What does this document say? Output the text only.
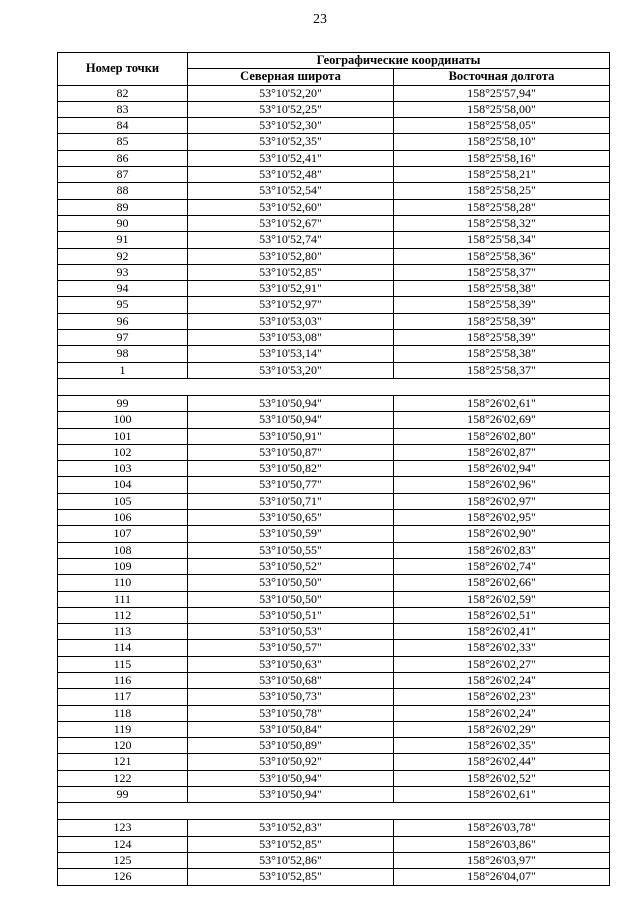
23
Номер точки	Географические координаты	
	Северная широта	Восточная долгота
82	53°10'52,20"	158°25'57,94"
83	53°10'52,25"	158°25'58,00"
84	53°10'52,30"	158°25'58,05"
85	53°10'52,35"	158°25'58,10"
86	53°10'52,41"	158°25'58,16"
87	53°10'52,48"	158°25'58,21"
88	53°10'52,54"	158°25'58,25"
89	53°10'52,60"	158°25'58,28"
90	53°10'52,67"	158°25'58,32"
91	53°10'52,74"	158°25'58,34"
92	53°10'52,80"	158°25'58,36"
93	53°10'52,85"	158°25'58,37"
94	53°10'52,91"	158°25'58,38"
95	53°10'52,97"	158°25'58,39"
96	53°10'53,03"	158°25'58,39"
97	53°10'53,08"	158°25'58,39"
98	53°10'53,14"	158°25'58,38"
1	53°10'53,20"	158°25'58,37"

99	53°10'50,94"	158°26'02,61"
100	53°10'50,94"	158°26'02,69"
101	53°10'50,91"	158°26'02,80"
102	53°10'50,87"	158°26'02,87"
103	53°10'50,82"	158°26'02,94"
104	53°10'50,77"	158°26'02,96"
105	53°10'50,71"	158°26'02,97"
106	53°10'50,65"	158°26'02,95"
107	53°10'50,59"	158°26'02,90"
108	53°10'50,55"	158°26'02,83"
109	53°10'50,52"	158°26'02,74"
110	53°10'50,50"	158°26'02,66"
111	53°10'50,50"	158°26'02,59"
112	53°10'50,51"	158°26'02,51"
113	53°10'50,53"	158°26'02,41"
114	53°10'50,57"	158°26'02,33"
115	53°10'50,63"	158°26'02,27"
116	53°10'50,68"	158°26'02,24"
117	53°10'50,73"	158°26'02,23"
118	53°10'50,78"	158°26'02,24"
119	53°10'50,84"	158°26'02,29"
120	53°10'50,89"	158°26'02,35"
121	53°10'50,92"	158°26'02,44"
122	53°10'50,94"	158°26'02,52"
99	53°10'50,94"	158°26'02,61"

123	53°10'52,83"	158°26'03,78"
124	53°10'52,85"	158°26'03,86"
125	53°10'52,86"	158°26'03,97"
126	53°10'52,85"	158°26'04,07"
